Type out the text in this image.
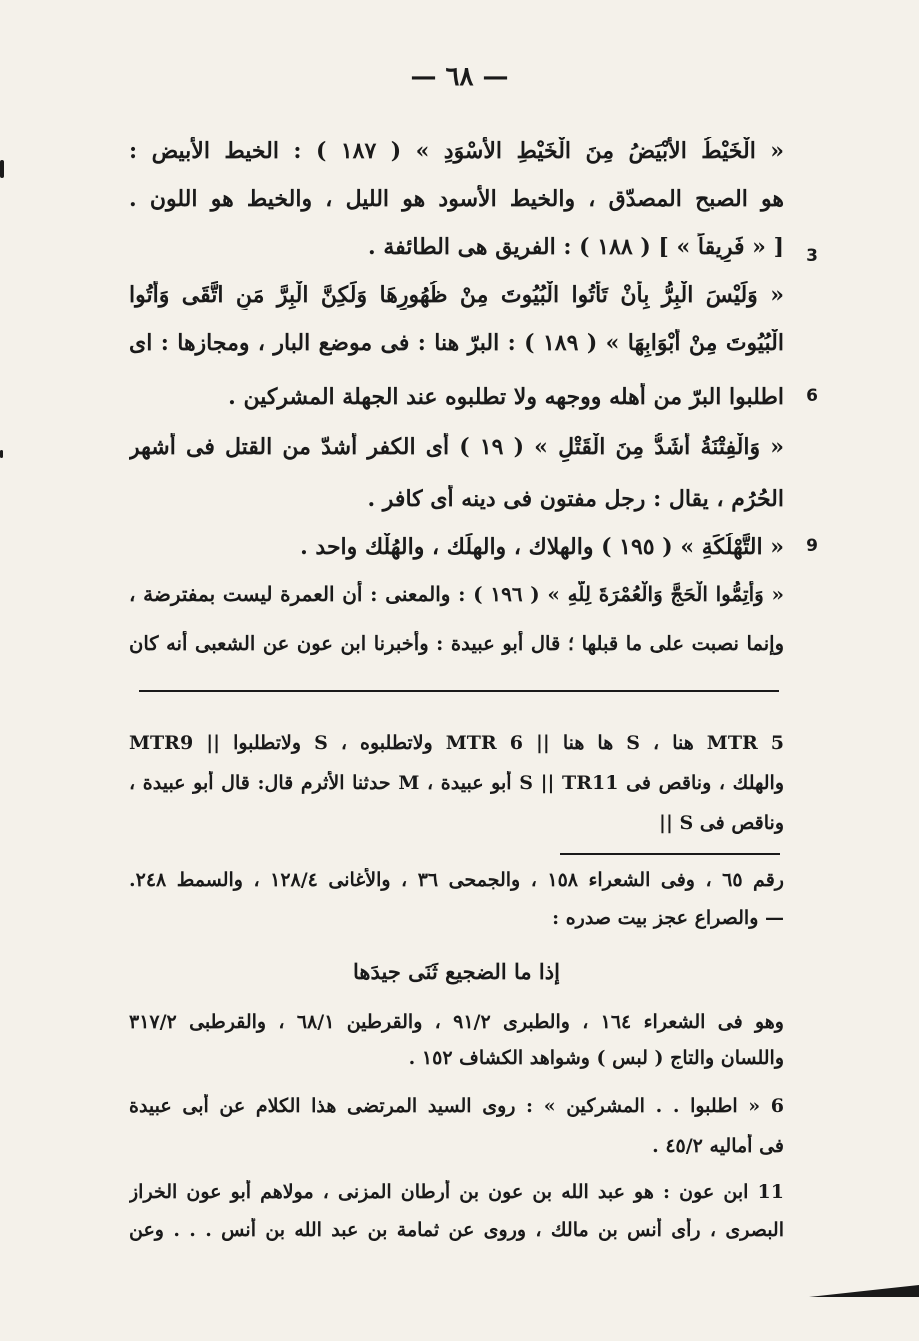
— ٦٨ —
« الْخَيْطُ الأَبْيَضُ مِنَ الْخَيْطِ الأَسْوَدِ » ( ١٨٧ ) : الخيط الأبيض :
هو الصبح المصدّق ، والخيط الأسود هو الليل ، والخيط هو اللون .
[ « فَرِيقاً » ] ( ١٨٨ ) : الفريق هى الطائفة .
« وَلَيْسَ الْبِرُّ بِأَنْ تَأْتُوا الْبُيُوتَ مِنْ ظُهُورِهَا وَلَكِنَّ الْبِرَّ مَنِ اتَّقَى وَأْتُوا
الْبُيُوتَ مِنْ أَبْوَابِهَا » ( ١٨٩ ) : البرّ هنا : فى موضع البار ، ومجازها : اى
اطلبوا البرّ من أهله ووجهه ولا تطلبوه عند الجهلة المشركين .
« وَالْفِتْنَةُ أَشَدُّ مِنَ الْقَتْلِ » ( ١٩ ) أى الكفر أشدّ من القتل فى أشهر
الحُرُم ، يقال : رجل مفتون فى دينه أى كافر .
« التَّهْلُكَةِ » ( ١٩٥ ) والهلاك ، والهلَك ، والهُلْك واحد .
« وَأَتِمُّوا الْحَجَّ وَالْعُمْرَةَ لِلَّهِ » ( ١٩٦ ) : والمعنى : أن العمرة ليست بمفترضة ،
وإنما نصبت على ما قبلها ؛ قال أبو عبيدة : وأخبرنا ابن عون عن الشعبى أنه كان
3
6
9
5 MTR هنا ، S ها هنا || 6 MTR ولاتطلبوه ، S ولاتطلبوا || MTR9
والهلك ، وناقص فى S || TR11 أبو عبيدة ، M حدثنا الأثرم قال: قال أبو عبيدة ،
وناقص فى S ||
رقم ٦٥ ، وفى الشعراء ١٥٨ ، والجمحى ٣٦ ، والأغانى ١٢٨/٤ ، والسمط ٢٤٨.
— والصراع عجز بيت صدره :
إذا ما الضجيع ثَنَى جيدَها
وهو فى الشعراء ١٦٤ ، والطبرى ٩١/٢ ، والقرطين ٦٨/١ ، والقرطبى ٣١٧/٢
واللسان والتاج ( لبس ) وشواهد الكشاف ١٥٢ .
6 « اطلبوا . . المشركين » : روى السيد المرتضى هذا الكلام عن أبى عبيدة
فى أماليه ٤٥/٢ .
11 ابن عون : هو عبد الله بن عون بن أرطان المزنى ، مولاهم أبو عون الخراز
البصرى ، رأى أنس بن مالك ، وروى عن ثمامة بن عبد الله بن أنس . . . وعن
